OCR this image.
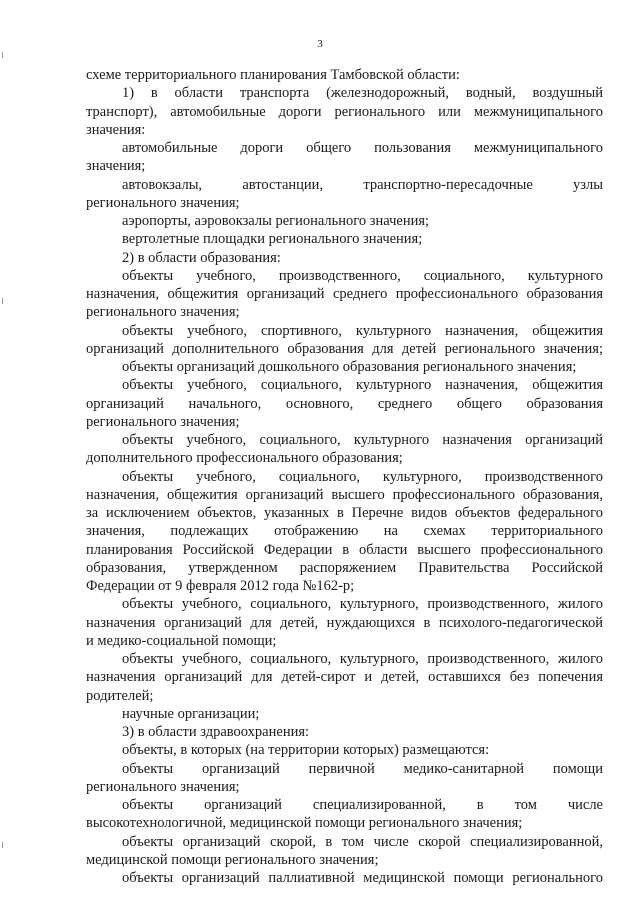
3
схеме территориального планирования Тамбовской области:
1) в области транспорта (железнодорожный, водный, воздушный
транспорт), автомобильные дороги регионального или межмуниципального
значения:
автомобильные дороги общего пользования межмуниципального
значения;
автовокзалы, автостанции, транспортно-пересадочные узлы
регионального значения;
аэропорты, аэровокзалы регионального значения;
вертолетные площадки регионального значения;
2) в области образования:
объекты учебного, производственного, социального, культурного
назначения, общежития организаций среднего профессионального образования
регионального значения;
объекты учебного, спортивного, культурного назначения, общежития
организаций дополнительного образования для детей регионального значения;
объекты организаций дошкольного образования регионального значения;
объекты учебного, социального, культурного назначения, общежития
организаций начального, основного, среднего общего образования
регионального значения;
объекты учебного, социального, культурного назначения организаций
дополнительного профессионального образования;
объекты учебного, социального, культурного, производственного
назначения, общежития организаций высшего профессионального образования,
за исключением объектов, указанных в Перечне видов объектов федерального
значения, подлежащих отображению на схемах территориального
планирования Российской Федерации в области высшего профессионального
образования, утвержденном распоряжением Правительства Российской
Федерации от 9 февраля 2012 года №162-р;
объекты учебного, социального, культурного, производственного, жилого
назначения организаций для детей, нуждающихся в психолого-педагогической
и медико-социальной помощи;
объекты учебного, социального, культурного, производственного, жилого
назначения организаций для детей-сирот и детей, оставшихся без попечения
родителей;
научные организации;
3) в области здравоохранения:
объекты, в которых (на территории которых) размещаются:
объекты организаций первичной медико-санитарной помощи
регионального значения;
объекты организаций специализированной, в том числе
высокотехнологичной, медицинской помощи регионального значения;
объекты организаций скорой, в том числе скорой специализированной,
медицинской помощи регионального значения;
объекты организаций паллиативной медицинской помощи регионального
